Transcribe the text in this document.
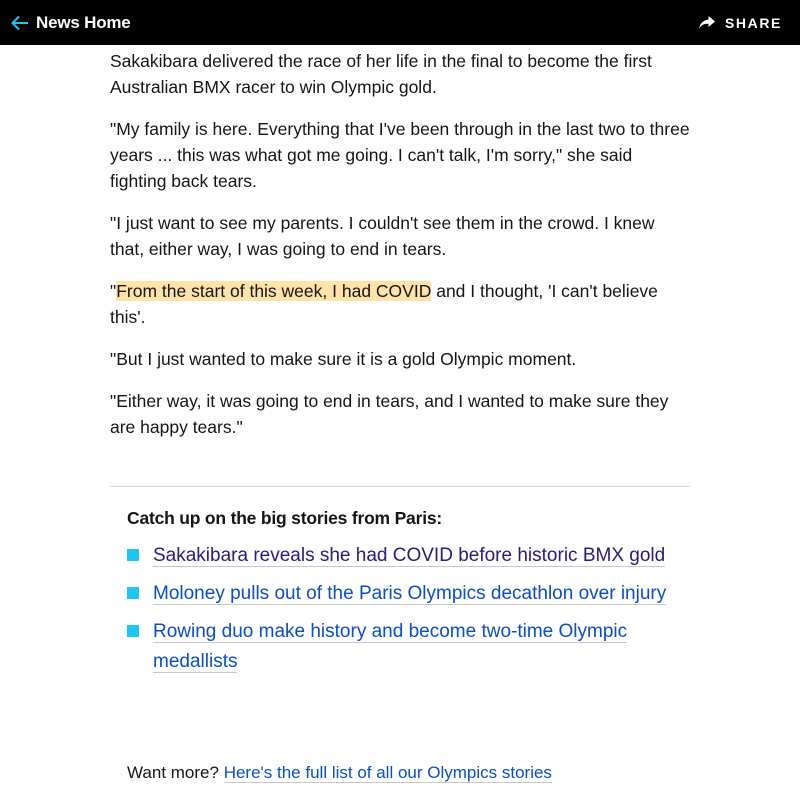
News Home	SHARE

Sakakibara delivered the race of her life in the final to become the first Australian BMX racer to win Olympic gold.

"My family is here. Everything that I've been through in the last two to three years ... this was what got me going. I can't talk, I'm sorry," she said fighting back tears.

"I just want to see my parents. I couldn't see them in the crowd. I knew that, either way, I was going to end in tears.

"From the start of this week, I had COVID and I thought, 'I can't believe this'.

"But I just wanted to make sure it is a gold Olympic moment.

"Either way, it was going to end in tears, and I wanted to make sure they are happy tears."

Catch up on the big stories from Paris:
Sakakibara reveals she had COVID before historic BMX gold
Moloney pulls out of the Paris Olympics decathlon over injury
Rowing duo make history and become two-time Olympic medallists
Want more? Here's the full list of all our Olympics stories
